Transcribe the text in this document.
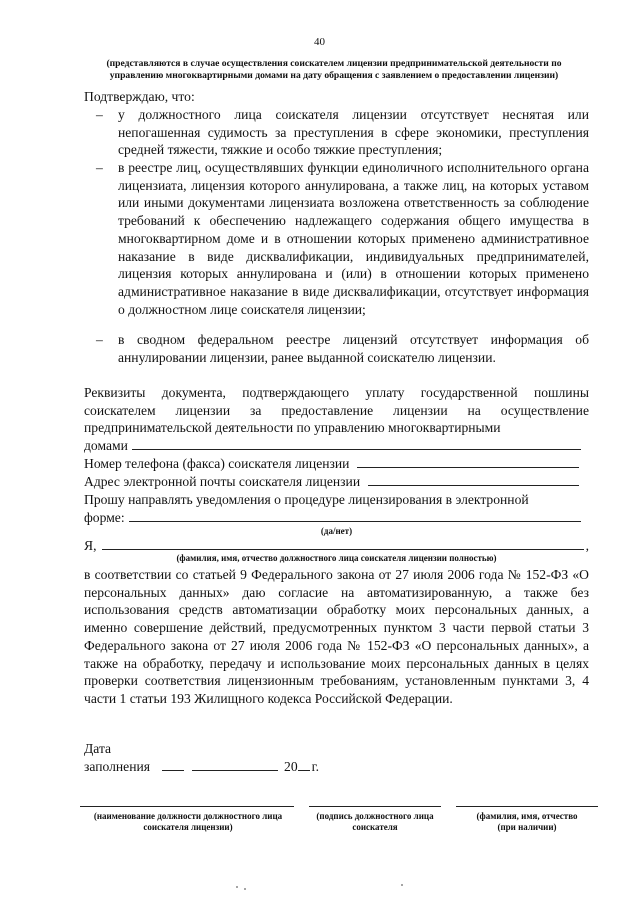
40
(представляются в случае осуществления соискателем лицензии предпринимательской деятельности по управлению многоквартирными домами на дату обращения с заявлением о предоставлении лицензии)
Подтверждаю, что:
– у должностного лица соискателя лицензии отсутствует неснятая или непогашенная судимость за преступления в сфере экономики, преступления средней тяжести, тяжкие и особо тяжкие преступления;
– в реестре лиц, осуществлявших функции единоличного исполнительного органа лицензиата, лицензия которого аннулирована, а также лиц, на которых уставом или иными документами лицензиата возложена ответственность за соблюдение требований к обеспечению надлежащего содержания общего имущества в многоквартирном доме и в отношении которых применено административное наказание в виде дисквалификации, индивидуальных предпринимателей, лицензия которых аннулирована и (или) в отношении которых применено административное наказание в виде дисквалификации, отсутствует информация о должностном лице соискателя лицензии;
– в сводном федеральном реестре лицензий отсутствует информация об аннулировании лицензии, ранее выданной соискателю лицензии.
Реквизиты документа, подтверждающего уплату государственной пошлины соискателем лицензии за предоставление лицензии на осуществление предпринимательской деятельности по управлению многоквартирными
домами
Номер телефона (факса) соискателя лицензии
Адрес электронной почты соискателя лицензии
Прошу направлять уведомления о процедуре лицензирования в электронной
форме:
(да/нет)
Я,	,
(фамилия, имя, отчество должностного лица соискателя лицензии полностью)
в соответствии со статьей 9 Федерального закона от 27 июля 2006 года № 152-ФЗ «О персональных данных» даю согласие на автоматизированную, а также без использования средств автоматизации обработку моих персональных данных, а именно совершение действий, предусмотренных пунктом 3 части первой статьи 3 Федерального закона от 27 июля 2006 года № 152-ФЗ «О персональных данных», а также на обработку, передачу и использование моих персональных данных в целях проверки соответствия лицензионным требованиям, установленным пунктами 3, 4 части 1 статьи 193 Жилищного кодекса Российской Федерации.
Дата
заполнения	20 г.
(наименование должности должностного лица соискателя лицензии)
(подпись должностного лица соискателя
(фамилия, имя, отчество (при наличии)
